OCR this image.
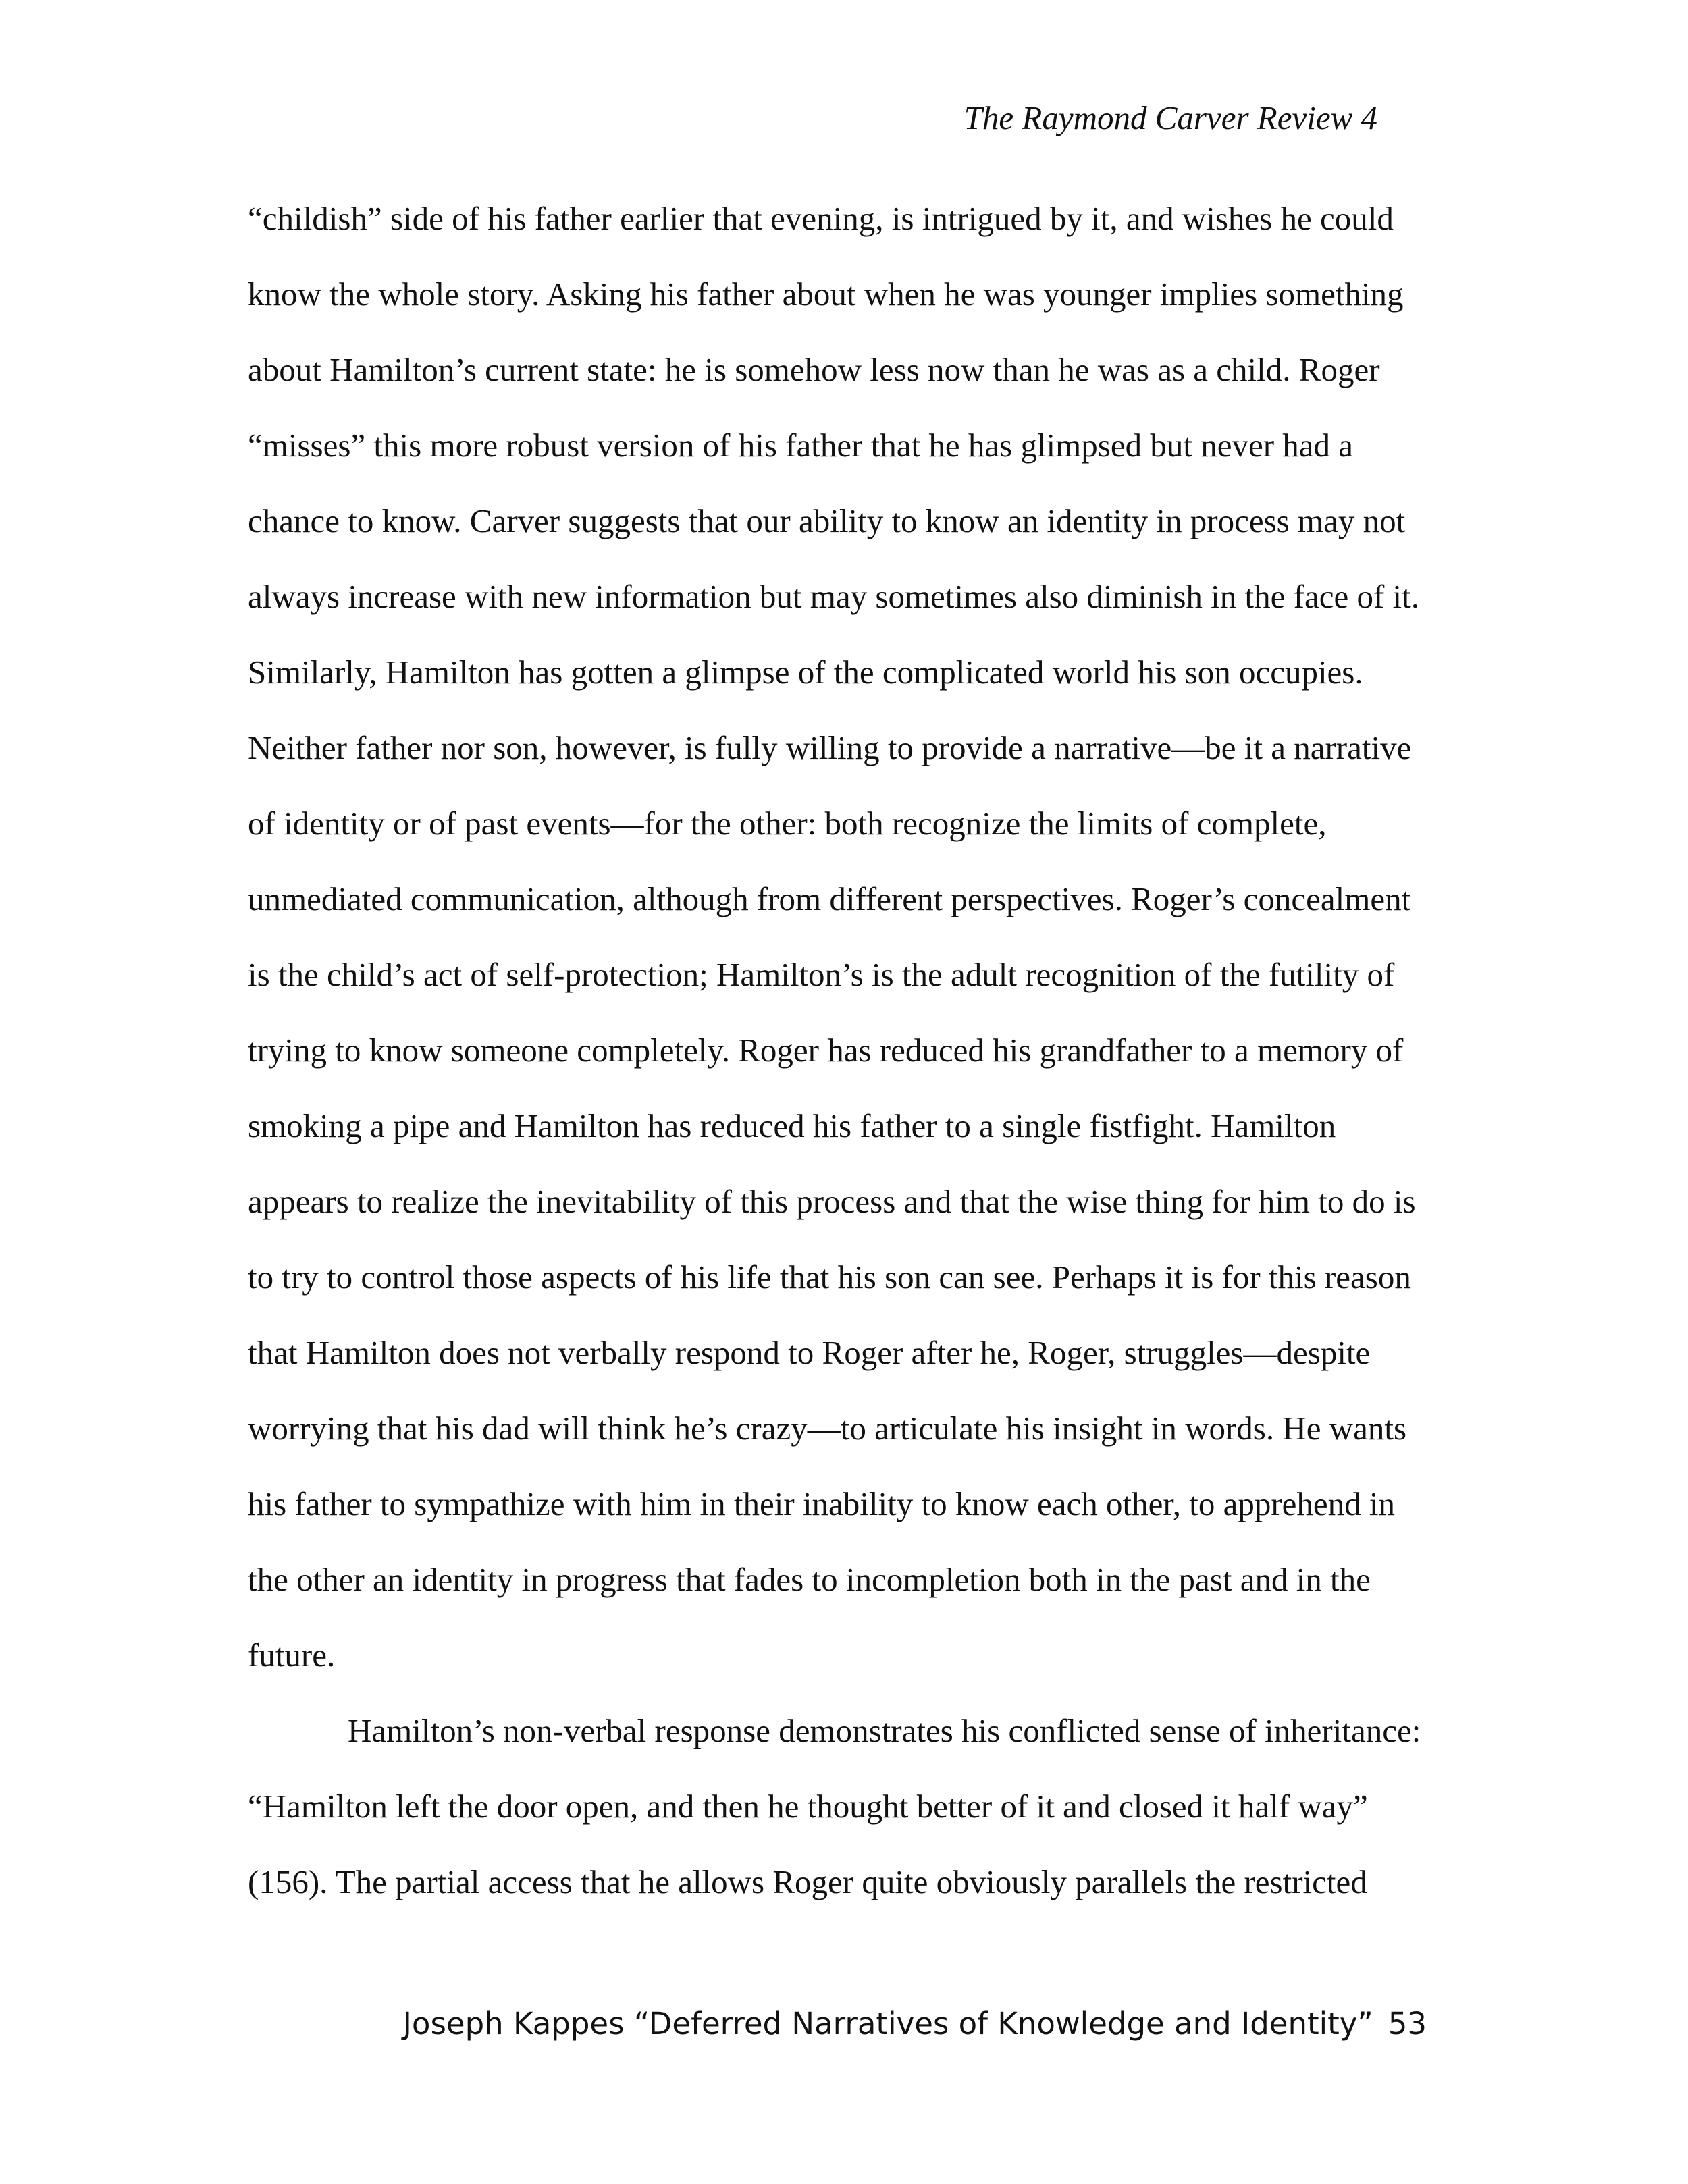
The Raymond Carver Review 4
“childish” side of his father earlier that evening, is intrigued by it, and wishes he could
know the whole story. Asking his father about when he was younger implies something
about Hamilton’s current state: he is somehow less now than he was as a child. Roger
“misses” this more robust version of his father that he has glimpsed but never had a
chance to know. Carver suggests that our ability to know an identity in process may not
always increase with new information but may sometimes also diminish in the face of it.
Similarly, Hamilton has gotten a glimpse of the complicated world his son occupies.
Neither father nor son, however, is fully willing to provide a narrative—be it a narrative
of identity or of past events—for the other: both recognize the limits of complete,
unmediated communication, although from different perspectives. Roger’s concealment
is the child’s act of self-protection; Hamilton’s is the adult recognition of the futility of
trying to know someone completely. Roger has reduced his grandfather to a memory of
smoking a pipe and Hamilton has reduced his father to a single fistfight. Hamilton
appears to realize the inevitability of this process and that the wise thing for him to do is
to try to control those aspects of his life that his son can see. Perhaps it is for this reason
that Hamilton does not verbally respond to Roger after he, Roger, struggles—despite
worrying that his dad will think he’s crazy—to articulate his insight in words. He wants
his father to sympathize with him in their inability to know each other, to apprehend in
the other an identity in progress that fades to incompletion both in the past and in the
future.
Hamilton’s non-verbal response demonstrates his conflicted sense of inheritance:
“Hamilton left the door open, and then he thought better of it and closed it half way”
(156). The partial access that he allows Roger quite obviously parallels the restricted
Joseph Kappes “Deferred Narratives of Knowledge and Identity” 53
